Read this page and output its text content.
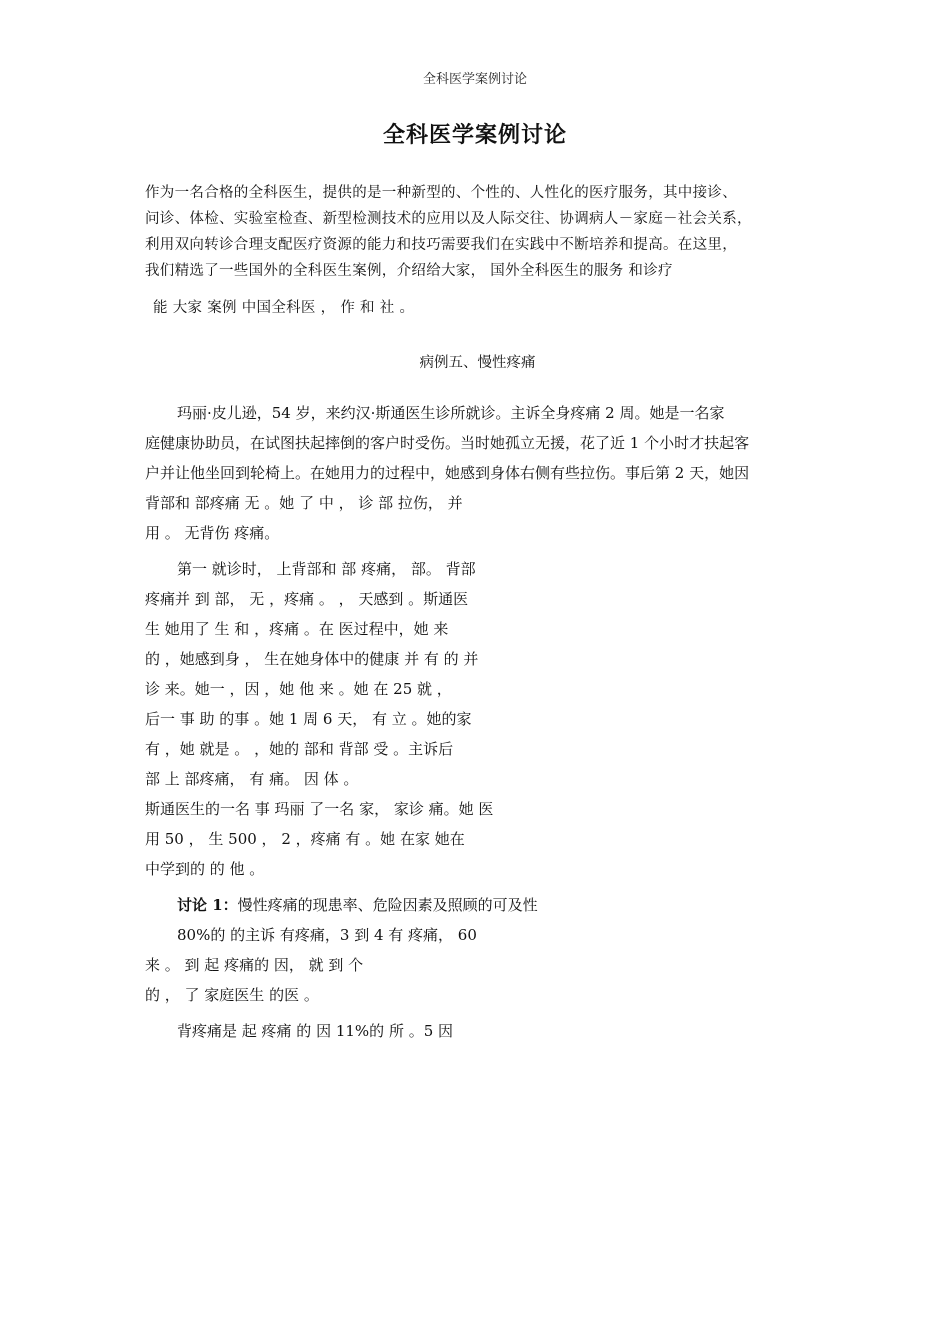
全科医学案例讨论
全科医学案例讨论

作为一名合格的全科医生，提供的是一种新型的、个性的、人性化的医疗服务，其中接诊、
问诊、体检、实验室检查、新型检测技术的应用以及人际交往、协调病人－家庭－社会关系，
利用双向转诊合理支配医疗资源的能力和技巧需要我们在实践中不断培养和提高。在这里，
我们精选了一些国外的全科医生案例，介绍给大家， 国外全科医生的服务 和诊疗
能 大家 案例 中国全科医 ， 作 和 社 。

病例五、慢性疼痛

玛丽·皮儿逊，54 岁，来约汉·斯通医生诊所就诊。主诉全身疼痛 2 周。她是一名家
庭健康协助员，在试图扶起摔倒的客户时受伤。当时她孤立无援，花了近 1 个小时才扶起客
户并让他坐回到轮椅上。在她用力的过程中，她感到身体右侧有些拉伤。事后第 2 天，她因
背部和 部疼痛 无 。她 了 中 ， 诊 部 拉伤， 并
用 。 无背伤 疼痛。

第一 就诊时， 上背部和 部 疼痛， 部。 背部
疼痛并 到 部， 无 ，疼痛 。 ， 天感到 。斯通医
生 她用了 生 和 ，疼痛 。在 医过程中，她 来
的 ，她感到身 ， 生在她身体中的健康 并 有 的 并
诊 来。她一 ，因 ，她 他 来 。她 在 25 就 ，
后一 事 助 的事 。她 1 周 6 天， 有 立 。她的家
有 ，她 就是 。 ，她的 部和 背部 受 。主诉后
部 上 部疼痛， 有 痛。 因 体 。
斯通医生的一名 事 玛丽 了一名 家， 家诊 痛。她 医
用 50 ， 生 500 ， 2 ，疼痛 有 。她 在家 她在
中学到的 的 他 。

讨论 1：慢性疼痛的现患率、危险因素及照顾的可及性

80%的 的主诉 有疼痛，3 到 4 有 疼痛， 60
来 。 到 起 疼痛的 因， 就 到 个
的 ， 了 家庭医生 的医 。

背疼痛是 起 疼痛 的 因 11%的 所 。5 因
